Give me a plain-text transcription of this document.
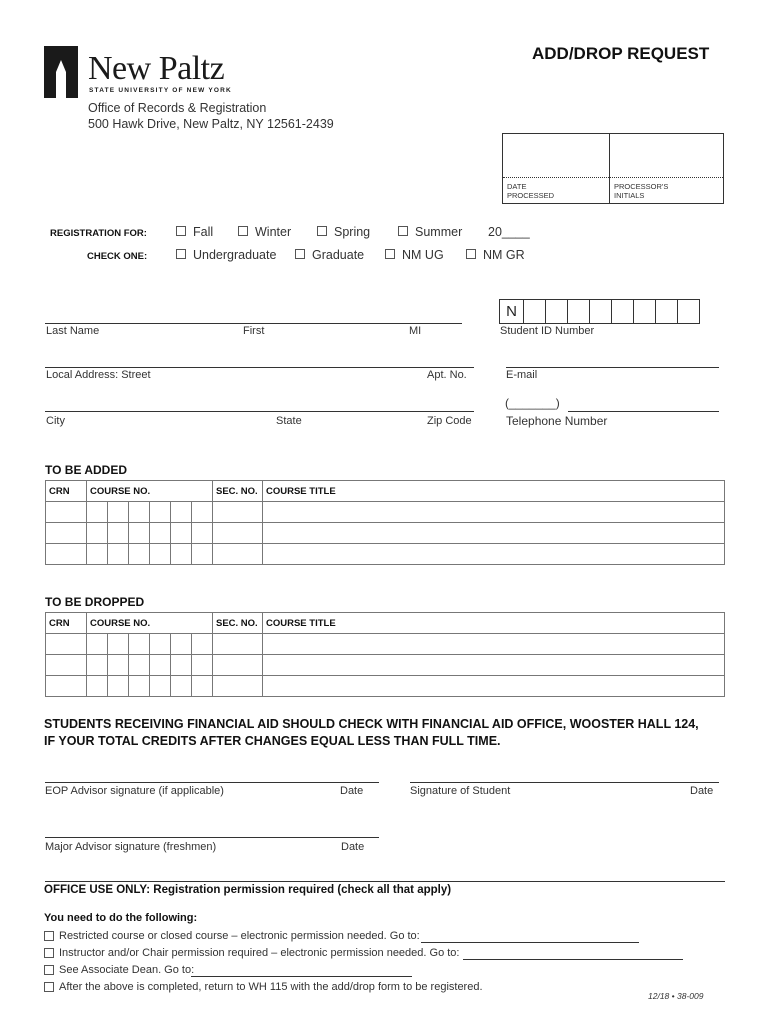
New Paltz
STATE UNIVERSITY OF NEW YORK
Office of Records & Registration
500 Hawk Drive, New Paltz, NY 12561-2439
ADD/DROP REQUEST
DATE
PROCESSED
PROCESSOR'S
INITIALS
REGISTRATION FOR:	Fall	Winter	Spring	Summer 20____
CHECK ONE:	Undergraduate	Graduate	NM UG	NM GR
Last Name	First	MI
N
Student ID Number
Local Address: Street	Apt. No.	E-mail
City	State	Zip Code
(_______)
Telephone Number
TO BE ADDED
CRN	COURSE NO.						SEC. NO.	COURSE TITLE

TO BE DROPPED
CRN	COURSE NO.						SEC. NO.	COURSE TITLE

STUDENTS RECEIVING FINANCIAL AID SHOULD CHECK WITH FINANCIAL AID OFFICE, WOOSTER HALL 124,
IF YOUR TOTAL CREDITS AFTER CHANGES EQUAL LESS THAN FULL TIME.
EOP Advisor signature (if applicable)	Date	Signature of Student	Date
Major Advisor signature (freshmen)	Date
OFFICE USE ONLY: Registration permission required (check all that apply)
You need to do the following:
Restricted course or closed course – electronic permission needed. Go to:
Instructor and/or Chair permission required – electronic permission needed. Go to:
See Associate Dean. Go to:
After the above is completed, return to WH 115 with the add/drop form to be registered.
12/18 • 38-009
